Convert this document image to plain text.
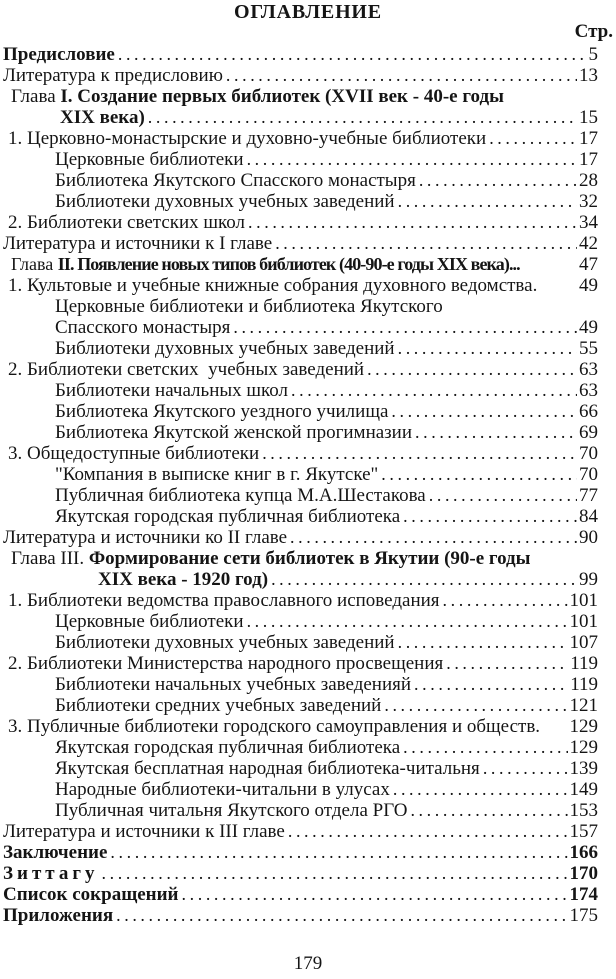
ОГЛАВЛЕНИЕ
Стр.
Предисловие .....	5
Литература к предисловию .....	13
Глава I. Создание первых библиотек (XVII век - 40-е годы
ХIХ века) .....	15
1. Церковно-монастырские и духовно-учебные библиотеки .....	17
Церковные библиотеки .....	17
Библиотека Якутского Спасского монастыря .....	28
Библиотеки духовных учебных заведений .....	32
2. Библиотеки светских школ .....	34
Литература и источники к I главе .....	42
Глава II. Появление новых типов библиотек (40-90-е годы ХIХ века)...	47
1. Культовые и учебные книжные собрания духовного ведомства. 49
Церковные библиотеки и библиотека Якутского
Спасского монастыря .....	49
Библиотеки духовных учебных заведений .....	55
2. Библиотеки светских  учебных заведений .....	63
Библиотеки начальных школ .....	63
Библиотека Якутского уездного училища .....	66
Библиотека Якутской женской прогимназии .....	69
3. Общедоступные библиотеки .....	70
"Компания в выписке книг в г. Якутске" .....	70
Публичная библиотека купца М.А.Шестакова .....	77
Якутская городская публичная библиотека .....	84
Литература и источники ко II главе .....	90
Глава III. Формирование сети библиотек в Якутии (90-е годы
ХIХ века - 1920 год) .....	99
1. Библиотеки ведомства православного исповедания .....	101
Церковные библиотеки .....	101
Библиотеки духовных учебных заведений .....	107
2. Библиотеки Министерства народного просвещения .....	119
Библиотеки начальных учебных заведенияй .....	119
Библиотеки средних учебных заведений .....	121
3. Публичные библиотеки городского самоуправления и обществ. 129
Якутская городская публичная библиотека .....	129
Якутская бесплатная народная библиотека-читальня .....	139
Народные библиотеки-читальни в улусах .....	149
Публичная читальня Якутского отдела РГО .....	153
Литература и источники к III главе .....	157
Заключение .....	166
Зиттагу .....	170
Список сокращений .....	174
Приложения .....	175
179
